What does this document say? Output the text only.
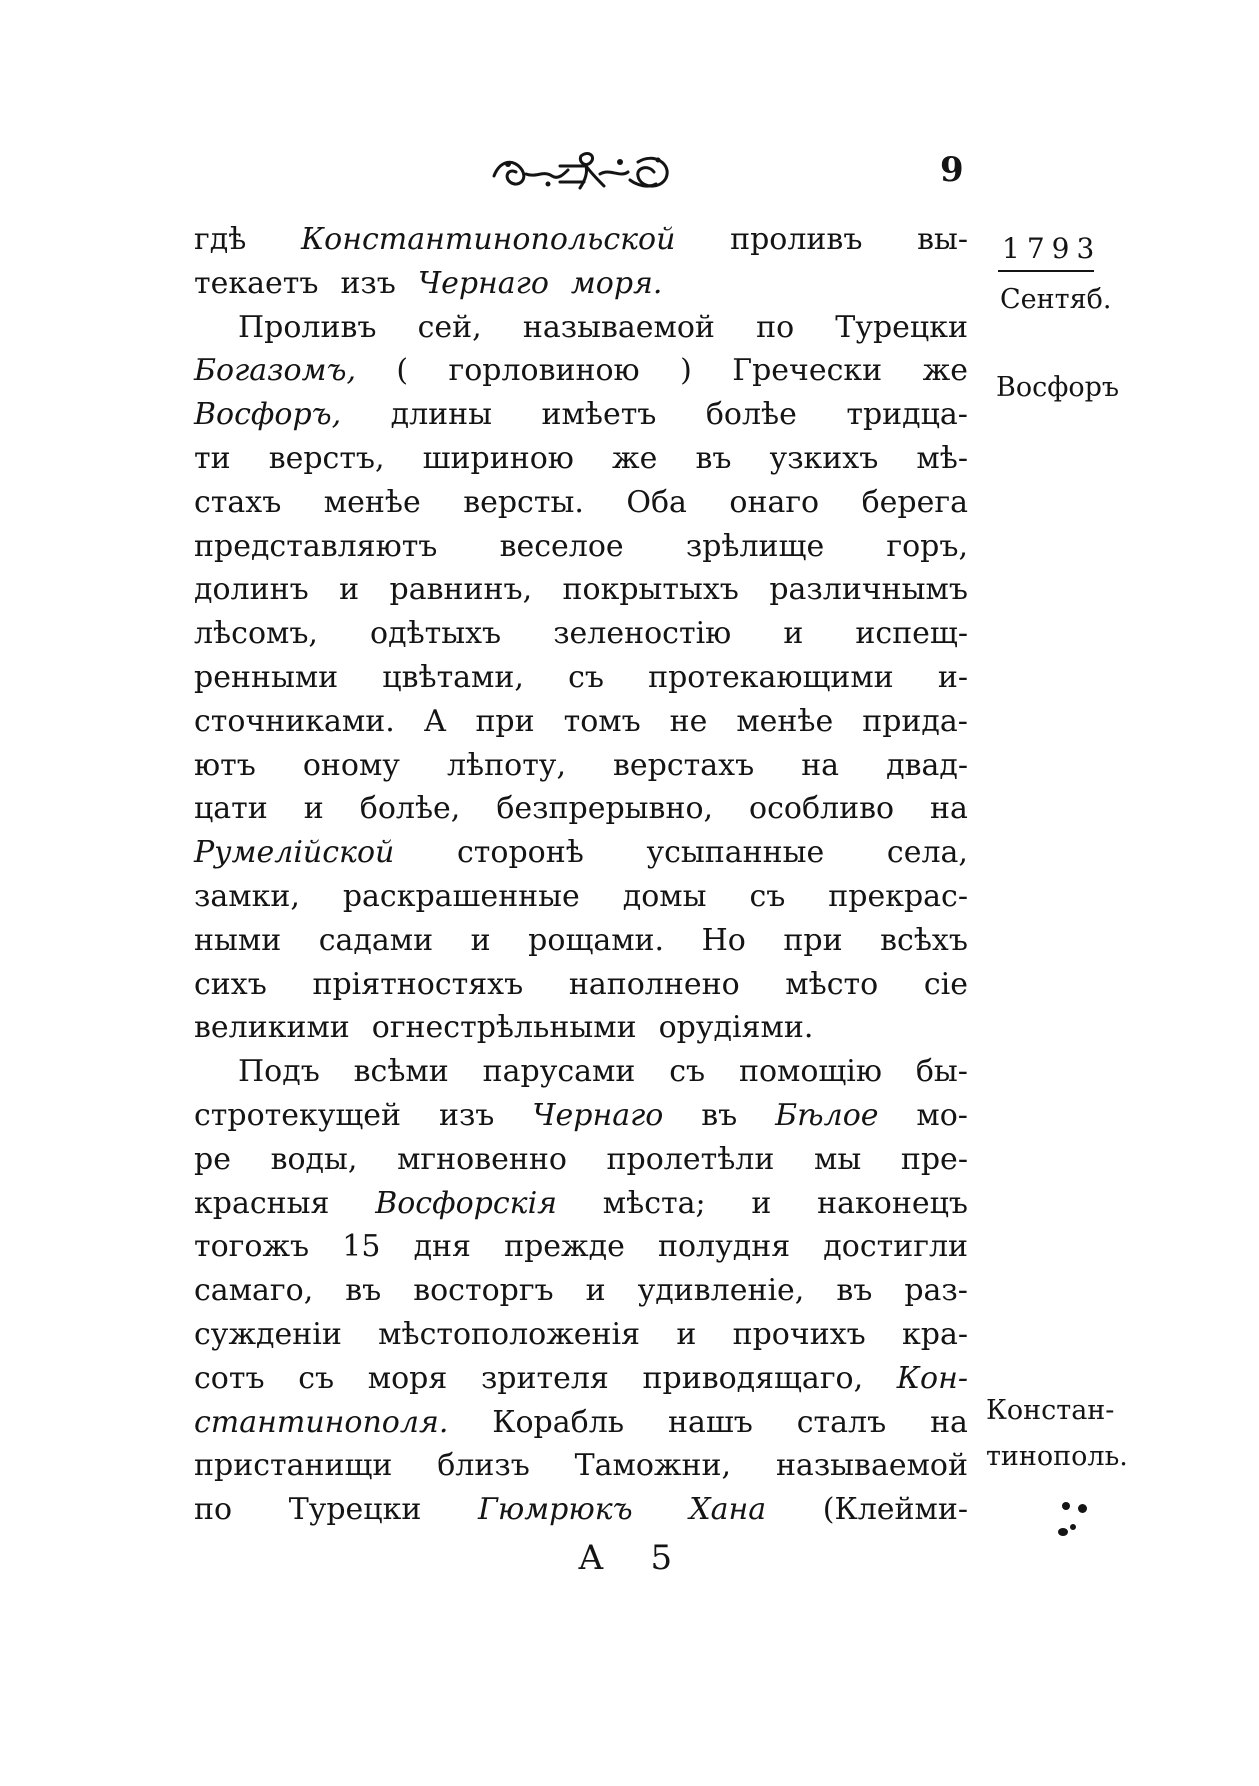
9
гдѣ Константинопольской проливъ вы-
текаетъ изъ Чернаго моря.
Проливъ сей, называемой по Турецки
Богазомъ, ( горловиною ) Гречески же
Восфоръ, длины имѣетъ болѣе тридца-
ти верстъ, шириною же въ узкихъ мѣ-
стахъ менѣе версты. Оба онаго берега
представляютъ веселое зрѣлище горъ,
долинъ и равнинъ, покрытыхъ различнымъ
лѣсомъ, одѣтыхъ зеленостію и испещ-
ренными цвѣтами, съ протекающими и-
сточниками. А при томъ не менѣе придa-
ютъ оному лѣпоту, верстахъ на двад-
цати и болѣе, безпрерывно, особливо на
Румелійской сторонѣ усыпанные села,
замки, раскрашенные домы съ прекрас-
ными садами и рощами. Но при всѣхъ
сихъ пріятностяхъ наполнено мѣсто сіе
великими огнестрѣльными орудіями.
Подъ всѣми парусами съ помощію бы-
стротекущей изъ Чернаго въ Бѣлое мо-
ре воды, мгновенно пролетѣли мы пре-
красныя Восфорскія мѣста; и наконецъ
тогожъ 15 дня прежде полудня достигли
самаго, въ восторгъ и удивленіе, въ раз-
сужденіи мѣстоположенія и прочихъ кра-
сотъ съ моря зрителя приводящаго, Кон-
стантинополя. Корабль нашъ сталъ на
пристанищи близъ Таможни, называемой
по Турецки Гюмрюкъ Хана (Клейми-
А 5
1793
Сентяб.
Восфоръ
Констан-
тинополь.
